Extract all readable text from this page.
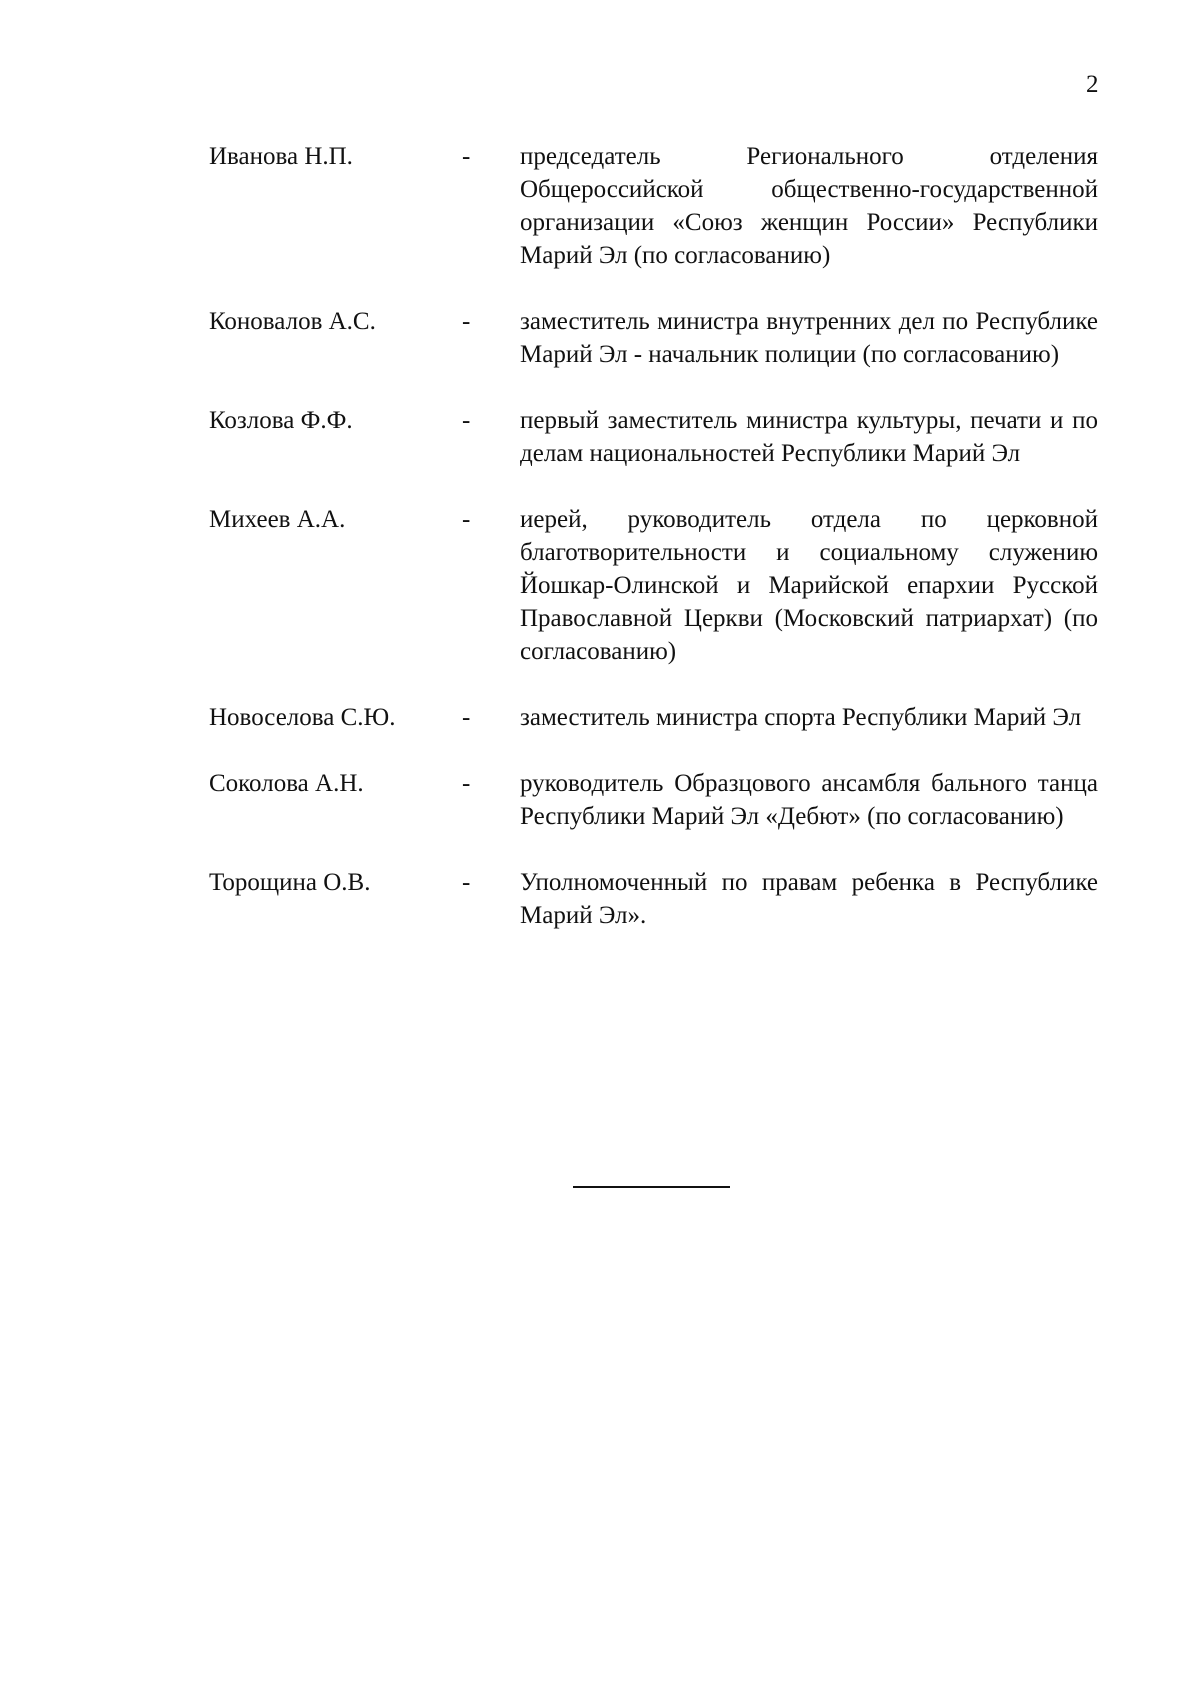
2
Иванова Н.П.	- председатель Регионального отделения Общероссийской общественно-государственной организации «Союз женщин России» Республики Марий Эл (по согласованию)
Коновалов А.С.	- заместитель министра внутренних дел по Республике Марий Эл - начальник полиции (по согласованию)
Козлова Ф.Ф.	- первый заместитель министра культуры, печати и по делам национальностей Республики Марий Эл
Михеев А.А.	- иерей, руководитель отдела по церковной благотворительности и социальному служению Йошкар-Олинской и Марийской епархии Русской Православной Церкви (Московский патриархат) (по согласованию)
Новоселова С.Ю.	- заместитель министра спорта Республики Марий Эл
Соколова А.Н.	- руководитель Образцового ансамбля бального танца Республики Марий Эл «Дебют» (по согласованию)
Торощина О.В.	- Уполномоченный по правам ребенка в Республике Марий Эл».
